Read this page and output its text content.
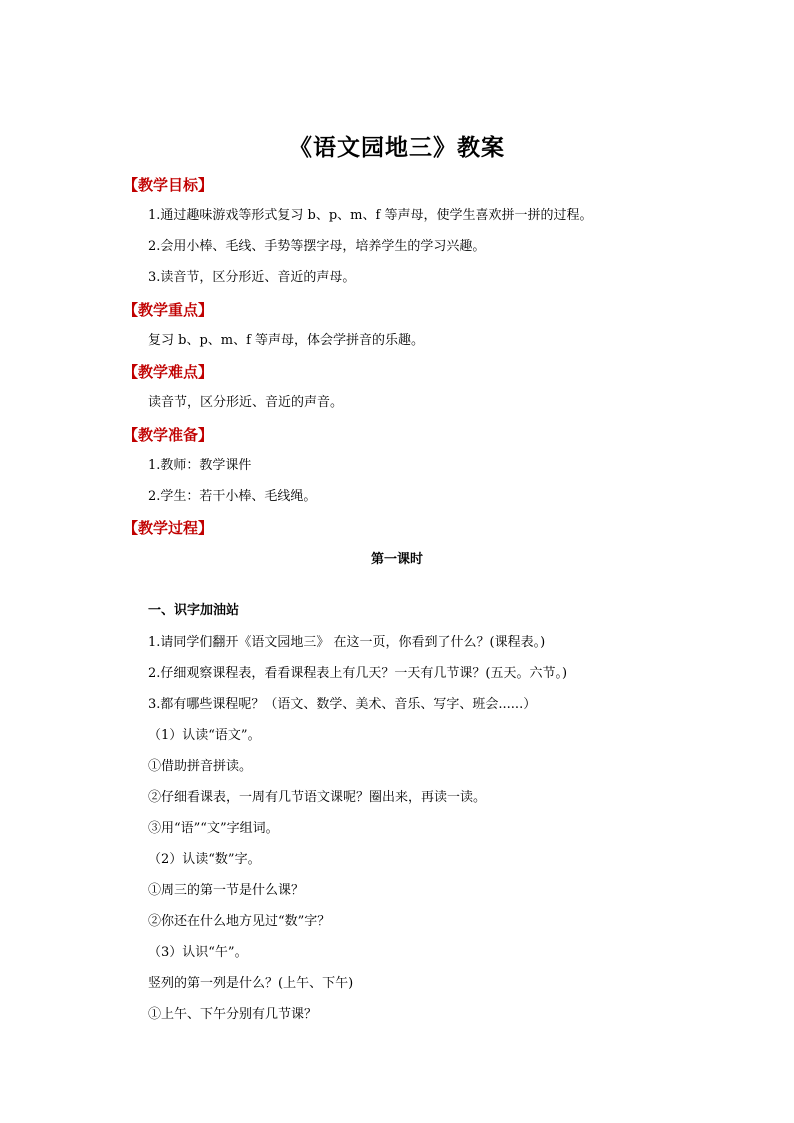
《语文园地三》教案
【教学目标】
1.通过趣味游戏等形式复习 b、p、m、f 等声母，使学生喜欢拼一拼的过程。
2.会用小棒、毛线、手势等摆字母，培养学生的学习兴趣。
3.读音节，区分形近、音近的声母。
【教学重点】
复习 b、p、m、f 等声母，体会学拼音的乐趣。
【教学难点】
读音节，区分形近、音近的声音。
【教学准备】
1.教师：教学课件
2.学生：若干小棒、毛线绳。
【教学过程】
第一课时
一、识字加油站
1.请同学们翻开《语文园地三》 在这一页，你看到了什么？(课程表。)
2.仔细观察课程表，看看课程表上有几天？一天有几节课？(五天。六节。)
3.都有哪些课程呢？（语文、数学、美术、音乐、写字、班会......）
（1）认读“语文”。
①借助拼音拼读。
②仔细看课表，一周有几节语文课呢？圈出来，再读一读。
③用“语”“文”字组词。
（2）认读“数”字。
①周三的第一节是什么课？
②你还在什么地方见过“数”字？
（3）认识“午”。
竖列的第一列是什么？(上午、下午)
①上午、下午分别有几节课？
